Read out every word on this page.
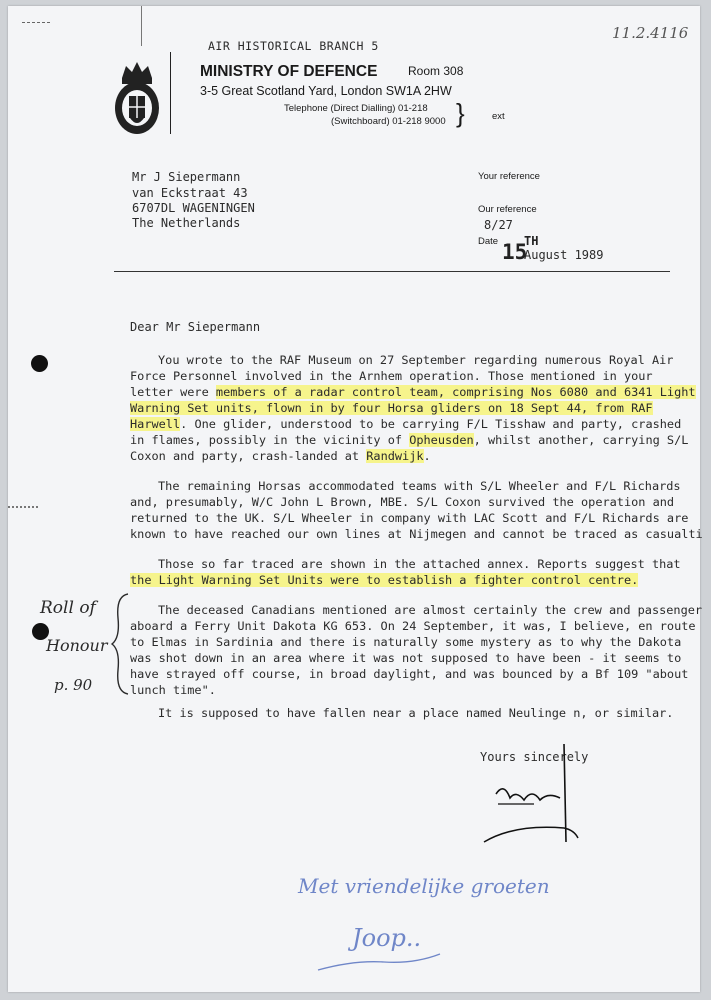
11.2.4116
AIR HISTORICAL BRANCH 5
MINISTRY OF DEFENCE	Room 308
3-5 Great Scotland Yard, London SW1A 2HW
Telephone (Direct Dialling) 01-218
(Switchboard) 01-218 9000 }	ext
Mr J Siepermann
van Eckstraat 43
6707DL WAGENINGEN
The Netherlands
Your reference
Our reference
8/27
Date 15
TH
August 1989
Dear Mr Siepermann
You wrote to the RAF Museum on 27 September regarding numerous Royal Air
Force Personnel involved in the Arnhem operation. Those mentioned in your
letter were members of a radar control team, comprising Nos 6080 and 6341 Light
Warning Set units, flown in by four Horsa gliders on 18 Sept 44, from RAF
Harwell. One glider, understood to be carrying F/L Tisshaw and party, crashed
in flames, possibly in the vicinity of Opheusden, whilst another, carrying S/L
Coxon and party, crash-landed at Randwijk.
The remaining Horsas accommodated teams with S/L Wheeler and F/L Richards
and, presumably, W/C John L Brown, MBE. S/L Coxon survived the operation and
returned to the UK. S/L Wheeler in company with LAC Scott and F/L Richards are
known to have reached our own lines at Nijmegen and cannot be traced as casualti
Those so far traced are shown in the attached annex. Reports suggest that
the Light Warning Set Units were to establish a fighter control centre.
The deceased Canadians mentioned are almost certainly the crew and passenger
aboard a Ferry Unit Dakota KG 653. On 24 September, it was, I believe, en route
to Elmas in Sardinia and there is naturally some mystery as to why the Dakota
was shot down in an area where it was not supposed to have been - it seems to
have strayed off course, in broad daylight, and was bounced by a Bf 109 "about
lunch time".
Roll of
Honour
p. 90
It is supposed to have fallen near a place named Neulinge n, or similar.
Yours sincerely
Met vriendelijke groeten
Joop..
